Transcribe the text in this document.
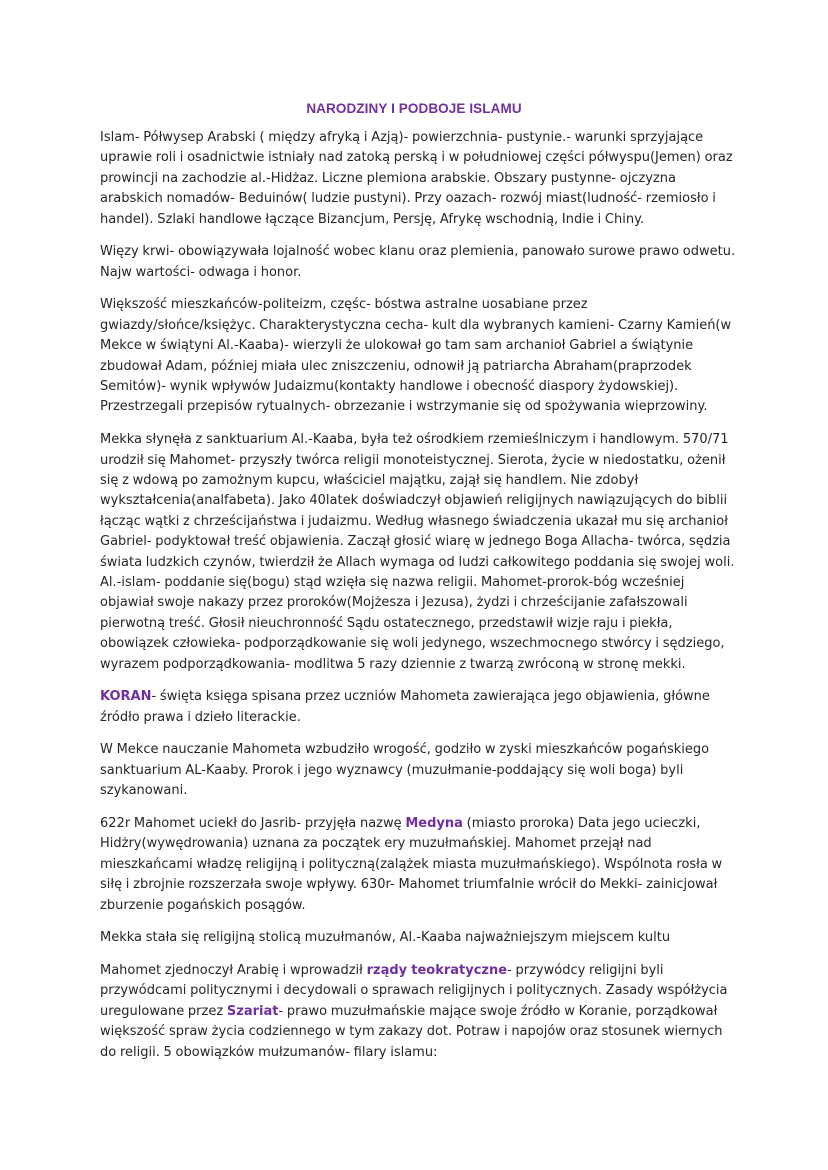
NARODZINY I PODBOJE ISLAMU

Islam- Półwysep Arabski ( między afryką i Azją)- powierzchnia- pustynie.- warunki sprzyjające uprawie roli i osadnictwie istniały nad zatoką perską i w południowej części półwyspu(Jemen) oraz prowincji na zachodzie al.-Hidżaz. Liczne plemiona arabskie. Obszary pustynne- ojczyzna arabskich nomadów- Beduinów( ludzie pustyni). Przy oazach- rozwój miast(ludność- rzemiosło i handel). Szlaki handlowe łączące Bizancjum, Persję, Afrykę wschodnią, Indie i Chiny.

Więzy krwi- obowiązywała lojalność wobec klanu oraz plemienia, panowało surowe prawo odwetu. Najw wartości- odwaga i honor.

Większość mieszkańców-politeizm, częśc- bóstwa astralne uosabiane przez gwiazdy/słońce/księżyc. Charakterystyczna cecha- kult dla wybranych kamieni- Czarny Kamień(w Mekce w świątyni Al.-Kaaba)- wierzyli że ulokował go tam sam archanioł Gabriel a świątynie zbudował Adam, później miała ulec zniszczeniu, odnowił ją patriarcha Abraham(praprzodek Semitów)- wynik wpływów Judaizmu(kontakty handlowe i obecność diaspory żydowskiej). Przestrzegali przepisów rytualnych- obrzezanie i wstrzymanie się od spożywania wieprzowiny.

Mekka słynęła z sanktuarium Al.-Kaaba, była też ośrodkiem rzemieślniczym i handlowym. 570/71 urodził się Mahomet- przyszły twórca religii monoteistycznej. Sierota, życie w niedostatku, ożenił się z wdową po zamożnym kupcu, właściciel majątku, zajął się handlem. Nie zdobył wykształcenia(analfabeta). Jako 40latek doświadczył objawień religijnych nawiązujących do biblii łącząc wątki z chrześcijaństwa i judaizmu. Według własnego świadczenia ukazał mu się archanioł Gabriel- podyktował treść objawienia. Zaczął głosić wiarę w jednego Boga Allacha- twórca, sędzia świata ludzkich czynów, twierdził że Allach wymaga od ludzi całkowitego poddania się swojej woli. Al.-islam- poddanie się(bogu) stąd wzięła się nazwa religii. Mahomet-prorok-bóg wcześniej objawiał swoje nakazy przez proroków(Mojżesza i Jezusa), żydzi i chrześcijanie zafałszowali pierwotną treść. Głosił nieuchronność Sądu ostatecznego, przedstawił wizje raju i piekła, obowiązek człowieka- podporządkowanie się woli jedynego, wszechmocnego stwórcy i sędziego, wyrazem podporządkowania- modlitwa 5 razy dziennie z twarzą zwróconą w stronę mekki.

KORAN- święta księga spisana przez uczniów Mahometa zawierająca jego objawienia, główne źródło prawa i dzieło literackie.

W Mekce nauczanie Mahometa wzbudziło wrogość, godziło w zyski mieszkańców pogańskiego sanktuarium AL-Kaaby. Prorok i jego wyznawcy (muzułmanie-poddający się woli boga) byli szykanowani.

622r Mahomet uciekł do Jasrib- przyjęła nazwę Medyna (miasto proroka) Data jego ucieczki, Hidżry(wywędrowania) uznana za początek ery muzułmańskiej. Mahomet przejął nad mieszkańcami władzę religijną i polityczną(zalążek miasta muzułmańskiego). Wspólnota rosła w siłę i zbrojnie rozszerzała swoje wpływy. 630r- Mahomet triumfalnie wrócił do Mekki- zainicjował zburzenie pogańskich posągów.

Mekka stała się religijną stolicą muzułmanów, Al.-Kaaba najważniejszym miejscem kultu

Mahomet zjednoczył Arabię i wprowadził rządy teokratyczne- przywódcy religijni byli przywódcami politycznymi i decydowali o sprawach religijnych i politycznych. Zasady współżycia uregulowane przez Szariat- prawo muzułmańskie mające swoje źródło w Koranie, porządkował większość spraw życia codziennego w tym zakazy dot. Potraw i napojów oraz stosunek wiernych do religii. 5 obowiązków mułzumanów- filary islamu:
